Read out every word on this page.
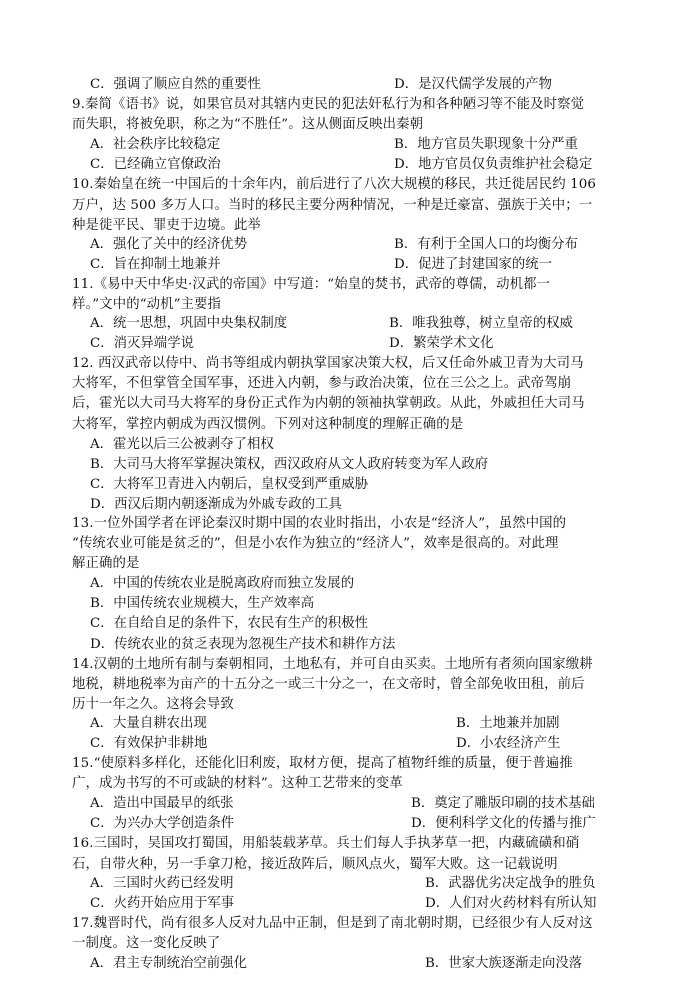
C．强调了顺应自然的重要性	D．是汉代儒学发展的产物
9.秦简《语书》说，如果官员对其辖内吏民的犯法奸私行为和各种陋习等不能及时察觉
而失职，将被免职，称之为“不胜任”。这从侧面反映出秦朝
A．社会秩序比较稳定	B．地方官员失职现象十分严重
C．已经确立官僚政治	D．地方官员仅负责维护社会稳定
10.秦始皇在统一中国后的十余年内，前后进行了八次大规模的移民，共迁徙居民约 106
万户，达 500 多万人口。当时的移民主要分两种情况，一种是迁豪富、强族于关中；一
种是徙平民、罪吏于边境。此举
A．强化了关中的经济优势	B．有利于全国人口的均衡分布
C．旨在抑制土地兼并	D．促进了封建国家的统一
11.《易中天中华史·汉武的帝国》中写道：“始皇的焚书，武帝的尊儒，动机都一
样。”文中的“动机”主要指
A．统一思想，巩固中央集权制度	B．唯我独尊，树立皇帝的权威
C．消灭异端学说	D．繁荣学术文化
12. 西汉武帝以侍中、尚书等组成内朝执掌国家决策大权，后又任命外戚卫青为大司马
大将军，不但掌管全国军事，还进入内朝，参与政治决策，位在三公之上。武帝驾崩
后，霍光以大司马大将军的身份正式作为内朝的领袖执掌朝政。从此，外戚担任大司马
大将军，掌控内朝成为西汉惯例。下列对这种制度的理解正确的是
A．霍光以后三公被剥夺了相权
B．大司马大将军掌握决策权，西汉政府从文人政府转变为军人政府
C．大将军卫青进入内朝后，皇权受到严重威胁
D．西汉后期内朝逐渐成为外戚专政的工具
13.一位外国学者在评论秦汉时期中国的农业时指出，小农是“经济人”，虽然中国的
“传统农业可能是贫乏的”，但是小农作为独立的“经济人”，效率是很高的。对此理
解正确的是
A．中国的传统农业是脱离政府而独立发展的
B．中国传统农业规模大，生产效率高
C．在自给自足的条件下，农民有生产的积极性
D．传统农业的贫乏表现为忽视生产技术和耕作方法
14.汉朝的土地所有制与秦朝相同，土地私有，并可自由买卖。土地所有者须向国家缴耕
地税，耕地税率为亩产的十五分之一或三十分之一，在文帝时，曾全部免收田租，前后
历十一年之久。这将会导致
A．大量自耕农出现	B．土地兼并加剧
C．有效保护非耕地	D．小农经济产生
15.“使原料多样化，还能化旧利废，取材方便，提高了植物纤维的质量，便于普遍推
广，成为书写的不可或缺的材料”。这种工艺带来的变革
A．造出中国最早的纸张	B．奠定了雕版印刷的技术基础
C．为兴办大学创造条件	D．便利科学文化的传播与推广
16.三国时，吴国攻打蜀国，用船装载茅草。兵士们每人手执茅草一把，内藏硫磺和硝
石，自带火种，另一手拿刀枪，接近敌阵后，顺风点火，蜀军大败。这一记载说明
A．三国时火药已经发明	B．武器优劣决定战争的胜负
C．火药开始应用于军事	D．人们对火药材料有所认知
17.魏晋时代，尚有很多人反对九品中正制，但是到了南北朝时期，已经很少有人反对这
一制度。这一变化反映了
A．君主专制统治空前强化	B．世家大族逐渐走向没落
